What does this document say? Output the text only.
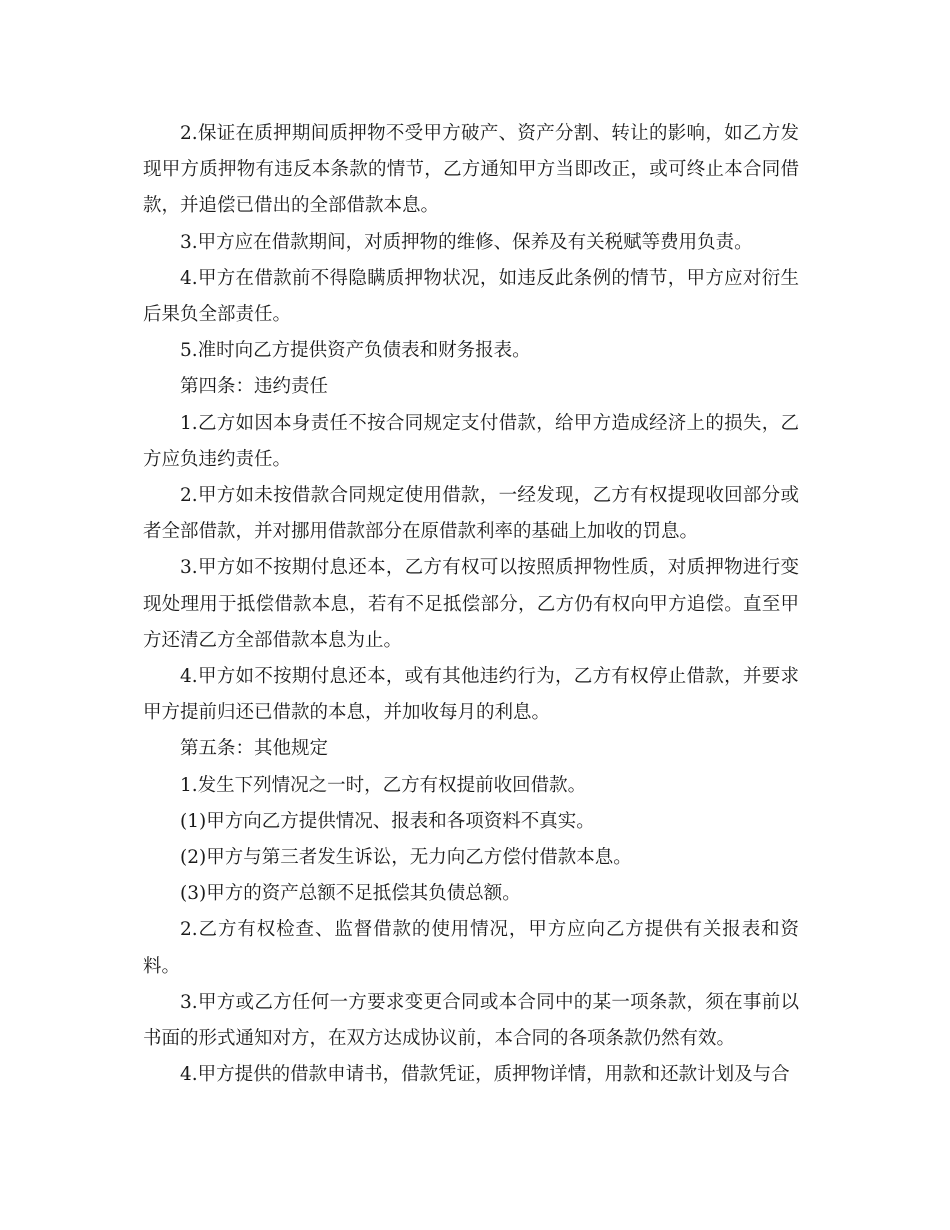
2.保证在质押期间质押物不受甲方破产、资产分割、转让的影响，如乙方发现甲方质押物有违反本条款的情节，乙方通知甲方当即改正，或可终止本合同借款，并追偿已借出的全部借款本息。

3.甲方应在借款期间，对质押物的维修、保养及有关税赋等费用负责。

4.甲方在借款前不得隐瞒质押物状况，如违反此条例的情节，甲方应对衍生后果负全部责任。

5.准时向乙方提供资产负债表和财务报表。

第四条：违约责任

1.乙方如因本身责任不按合同规定支付借款，给甲方造成经济上的损失，乙方应负违约责任。

2.甲方如未按借款合同规定使用借款，一经发现，乙方有权提现收回部分或者全部借款，并对挪用借款部分在原借款利率的基础上加收的罚息。

3.甲方如不按期付息还本，乙方有权可以按照质押物性质，对质押物进行变现处理用于抵偿借款本息，若有不足抵偿部分，乙方仍有权向甲方追偿。直至甲方还清乙方全部借款本息为止。

4.甲方如不按期付息还本，或有其他违约行为，乙方有权停止借款，并要求甲方提前归还已借款的本息，并加收每月的利息。

第五条：其他规定

1.发生下列情况之一时，乙方有权提前收回借款。

(1)甲方向乙方提供情况、报表和各项资料不真实。

(2)甲方与第三者发生诉讼，无力向乙方偿付借款本息。

(3)甲方的资产总额不足抵偿其负债总额。

2.乙方有权检查、监督借款的使用情况，甲方应向乙方提供有关报表和资料。

3.甲方或乙方任何一方要求变更合同或本合同中的某一项条款，须在事前以书面的形式通知对方，在双方达成协议前，本合同的各项条款仍然有效。

4.甲方提供的借款申请书，借款凭证，质押物详情，用款和还款计划及与合
